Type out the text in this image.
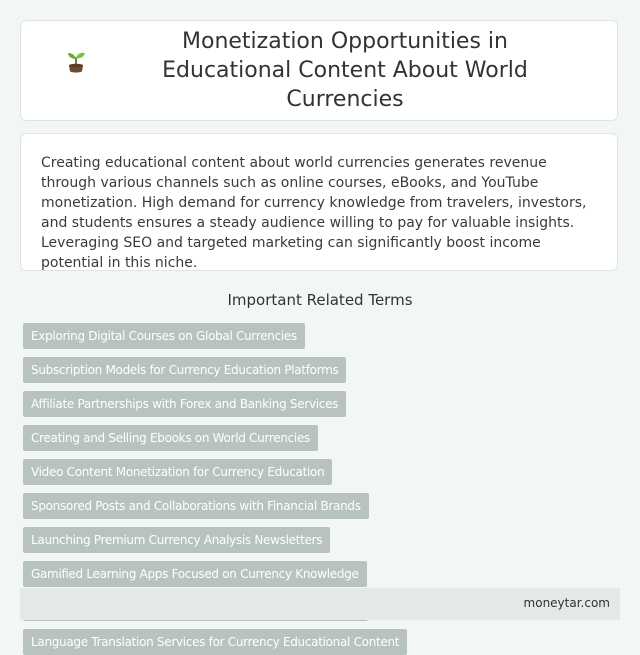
Monetization Opportunities in Educational Content About World Currencies

Creating educational content about world currencies generates revenue through various channels such as online courses, eBooks, and YouTube monetization. High demand for currency knowledge from travelers, investors, and students ensures a steady audience willing to pay for valuable insights. Leveraging SEO and targeted marketing can significantly boost income potential in this niche.

Important Related Terms
Exploring Digital Courses on Global Currencies
Subscription Models for Currency Education Platforms
Affiliate Partnerships with Forex and Banking Services
Creating and Selling Ebooks on World Currencies
Video Content Monetization for Currency Education
Sponsored Posts and Collaborations with Financial Brands
Launching Premium Currency Analysis Newsletters
Gamified Learning Apps Focused on Currency Knowledge
Language Translation Services for Currency Educational Content
moneytar.com
